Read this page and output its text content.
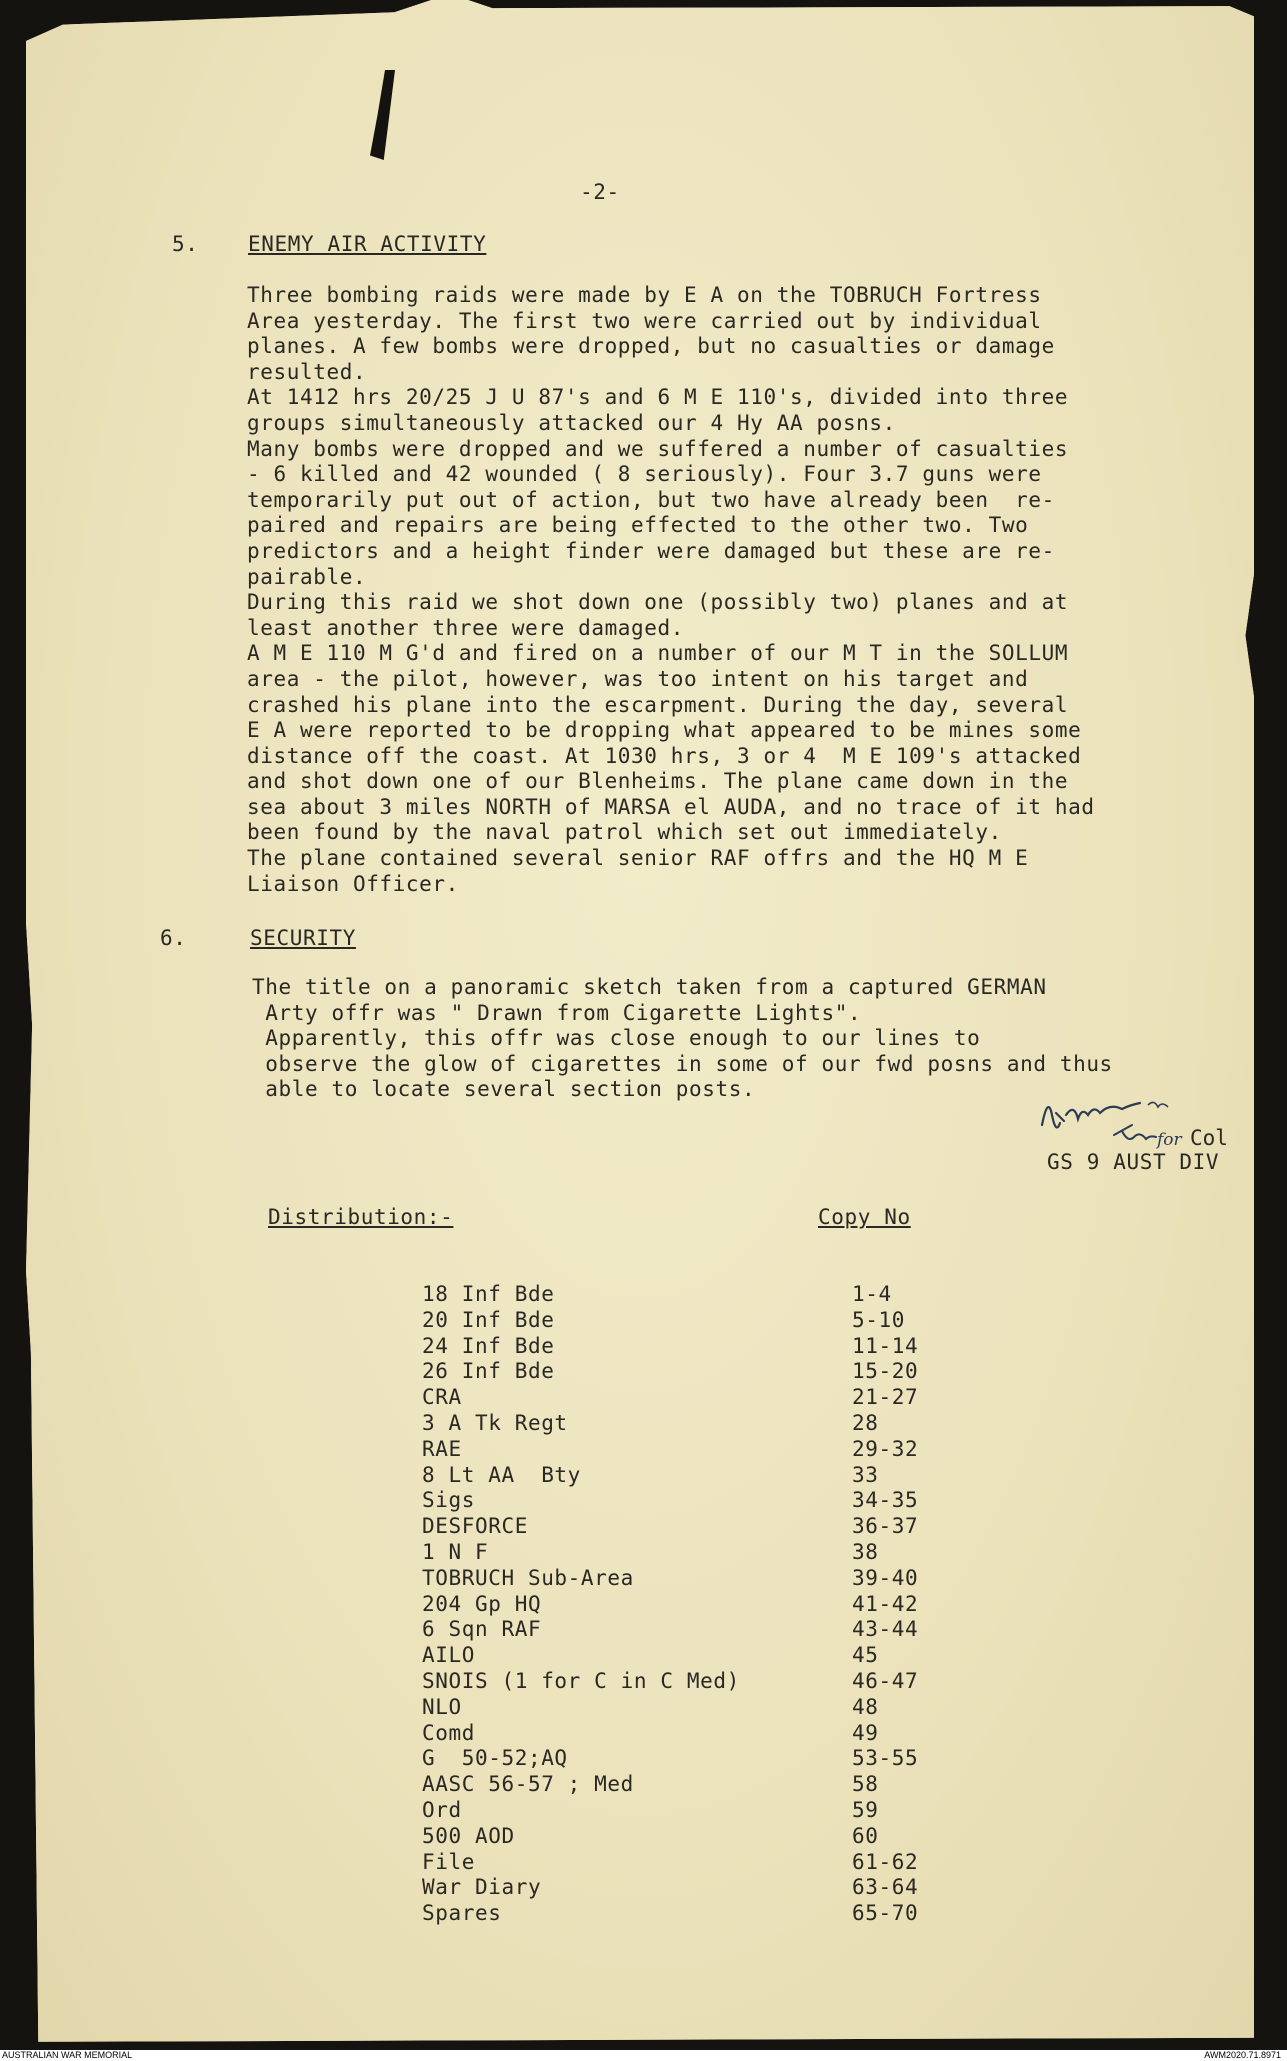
-2-
5. ENEMY AIR ACTIVITY
Three bombing raids were made by E A on the TOBRUCH Fortress
Area yesterday. The first two were carried out by individual
planes. A few bombs were dropped, but no casualties or damage
resulted.
At 1412 hrs 20/25 J U 87's and 6 M E 110's, divided into three
groups simultaneously attacked our 4 Hy AA posns.
Many bombs were dropped and we suffered a number of casualties
- 6 killed and 42 wounded ( 8 seriously). Four 3.7 guns were
temporarily put out of action, but two have already been  re-
paired and repairs are being effected to the other two. Two
predictors and a height finder were damaged but these are re-
pairable.
During this raid we shot down one (possibly two) planes and at
least another three were damaged.
A M E 110 M G'd and fired on a number of our M T in the SOLLUM
area - the pilot, however, was too intent on his target and
crashed his plane into the escarpment. During the day, several
E A were reported to be dropping what appeared to be mines some
distance off the coast. At 1030 hrs, 3 or 4  M E 109's attacked
and shot down one of our Blenheims. The plane came down in the
sea about 3 miles NORTH of MARSA el AUDA, and no trace of it had
been found by the naval patrol which set out immediately.
The plane contained several senior RAF offrs and the HQ M E
Liaison Officer.
6.	SECURITY
The title on a panoramic sketch taken from a captured GERMAN
Arty offr was " Drawn from Cigarette Lights".
Apparently, this offr was close enough to our lines to
observe the glow of cigarettes in some of our fwd posns and thus
able to locate several section posts.
Col
for
GS 9 AUST DIV
Distribution:-	Copy No
18 Inf Bde	1-4
20 Inf Bde	5-10
24 Inf Bde	11-14
26 Inf Bde	15-20
CRA	21-27
3 A Tk Regt	28
RAE	29-32
8 Lt AA  Bty	33
Sigs	34-35
DESFORCE	36-37
1 N F	38
TOBRUCH Sub-Area	39-40
204 Gp HQ	41-42
6 Sqn RAF	43-44
AILO	45
SNOIS (1 for C in C Med)	46-47
NLO	48
Comd	49
G  50-52;AQ	53-55
AASC 56-57 ; Med	58
Ord	59
500 AOD	60
File	61-62
War Diary	63-64
Spares	65-70
AUSTRALIAN WAR MEMORIAL	AWM2020.71.8971
